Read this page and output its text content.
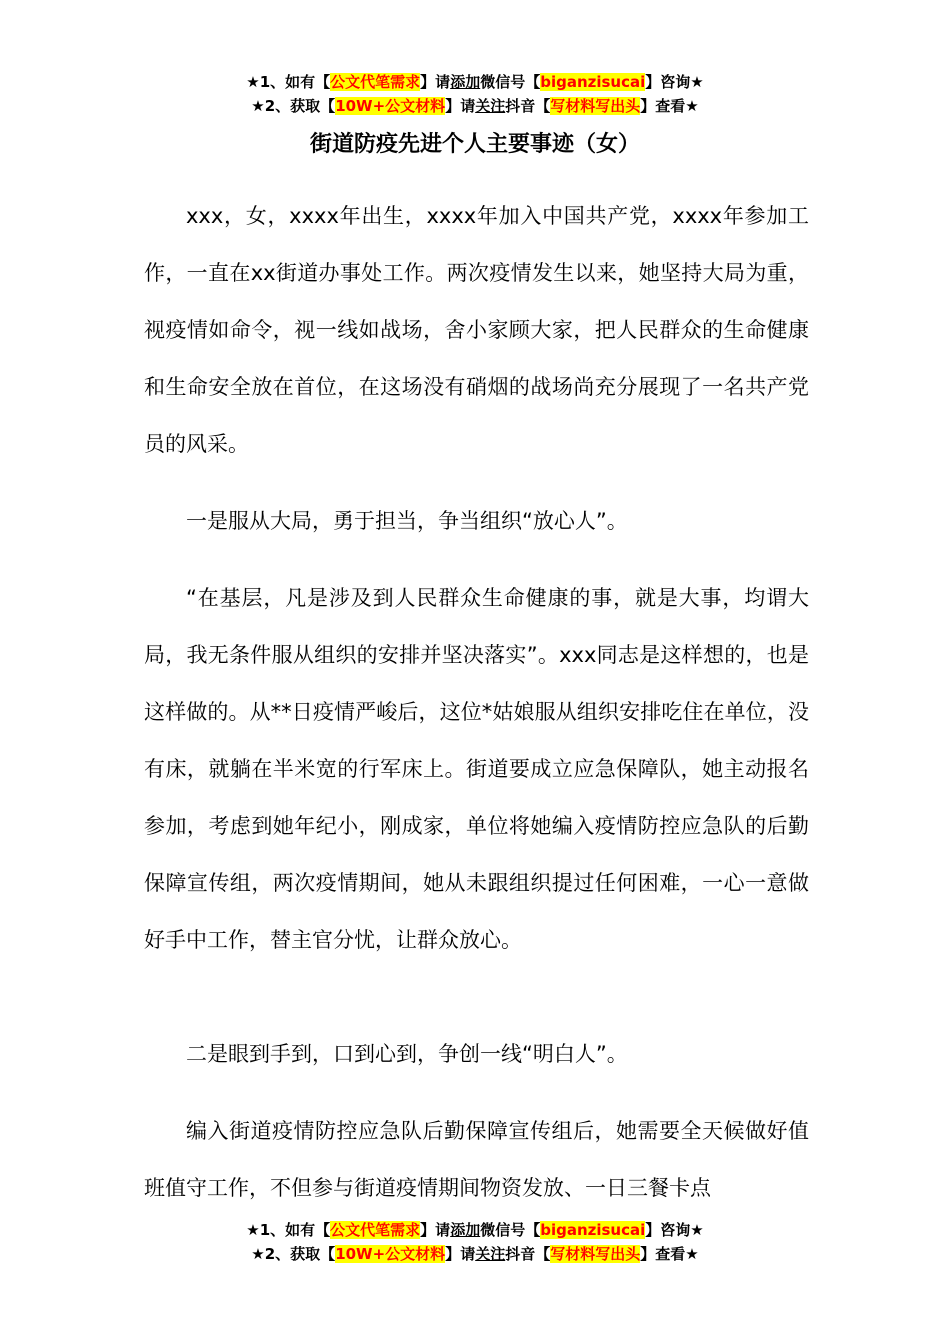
★1、如有【公文代笔需求】请添加微信号【biganzisucai】咨询★
★2、获取【10W+公文材料】请关注抖音【写材料写出头】查看★
街道防疫先进个人主要事迹（女）

xxx，女，xxxx年出生，xxxx年加入中国共产党，xxxx年参加工作，一直在xx街道办事处工作。两次疫情发生以来，她坚持大局为重，视疫情如命令，视一线如战场，舍小家顾大家，把人民群众的生命健康和生命安全放在首位，在这场没有硝烟的战场尚充分展现了一名共产党员的风采。

一是服从大局，勇于担当，争当组织“放心人”。

“在基层，凡是涉及到人民群众生命健康的事，就是大事，均谓大局，我无条件服从组织的安排并坚决落实”。xxx同志是这样想的，也是这样做的。从**日疫情严峻后，这位*姑娘服从组织安排吃住在单位，没有床，就躺在半米宽的行军床上。街道要成立应急保障队，她主动报名参加，考虑到她年纪小，刚成家，单位将她编入疫情防控应急队的后勤保障宣传组，两次疫情期间，她从未跟组织提过任何困难，一心一意做好手中工作，替主官分忧，让群众放心。

二是眼到手到，口到心到，争创一线“明白人”。

编入街道疫情防控应急队后勤保障宣传组后，她需要全天候做好值班值守工作，不但参与街道疫情期间物资发放、一日三餐卡点

★1、如有【公文代笔需求】请添加微信号【biganzisucai】咨询★
★2、获取【10W+公文材料】请关注抖音【写材料写出头】查看★
